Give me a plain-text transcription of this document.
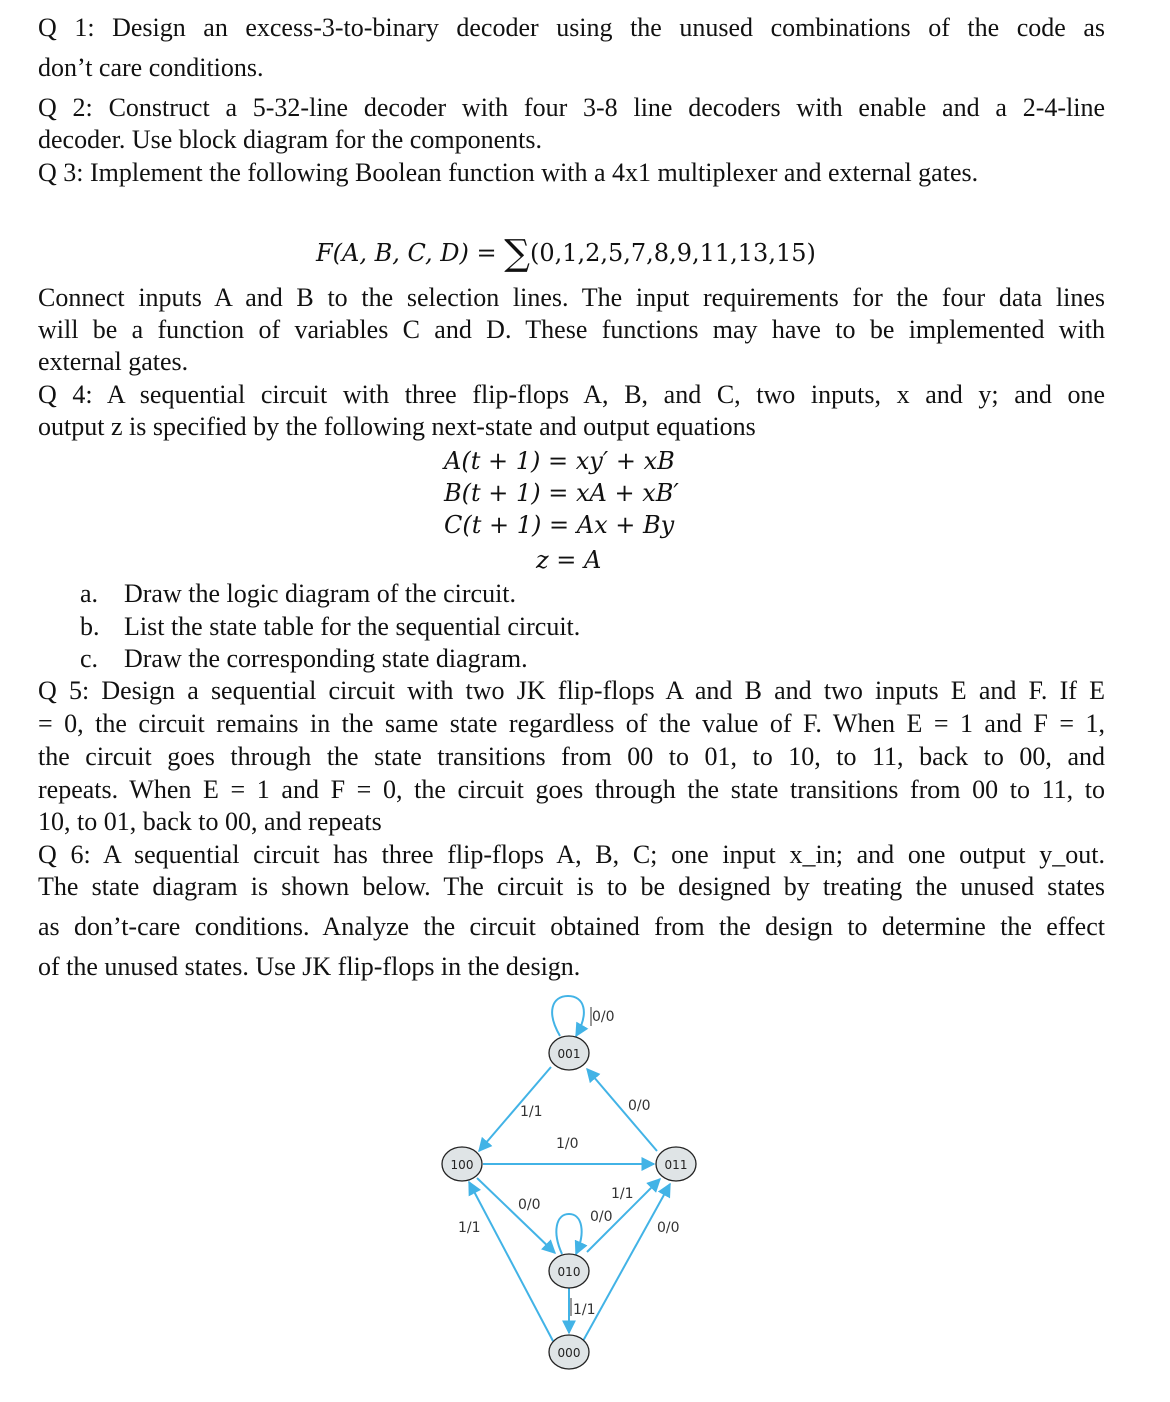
Q 1: Design an excess-3-to-binary decoder using the unused combinations of the code as
don’t care conditions.
Q 2: Construct a 5-32-line decoder with four 3-8 line decoders with enable and a 2-4-line
decoder. Use block diagram for the components.
Q 3: Implement the following Boolean function with a 4x1 multiplexer and external gates.
F(A, B, C, D) = ∑(0,1,2,5,7,8,9,11,13,15)
Connect inputs A and B to the selection lines. The input requirements for the four data lines
will be a function of variables C and D. These functions may have to be implemented with
external gates.
Q 4: A sequential circuit with three flip-flops A, B, and C, two inputs, x and y; and one
output z is specified by the following next-state and output equations
A(t + 1) = xy′ + xB
B(t + 1) = xA + xB′
C(t + 1) = Ax + By
z = A
a. Draw the logic diagram of the circuit.
b. List the state table for the sequential circuit.
c. Draw the corresponding state diagram.
Q 5: Design a sequential circuit with two JK flip-flops A and B and two inputs E and F. If E
= 0, the circuit remains in the same state regardless of the value of F. When E = 1 and F = 1,
the circuit goes through the state transitions from 00 to 01, to 10, to 11, back to 00, and
repeats. When E = 1 and F = 0, the circuit goes through the state transitions from 00 to 11, to
10, to 01, back to 00, and repeats
Q 6: A sequential circuit has three flip-flops A, B, C; one input x_in; and one output y_out.
The state diagram is shown below. The circuit is to be designed by treating the unused states
as don’t-care conditions. Analyze the circuit obtained from the design to determine the effect
of the unused states. Use JK flip-flops in the design.
0/0
1/1	0/0
1/0
0/0
1/1
0/0
1/1	0/0
1/1
001
100	011
010
000
